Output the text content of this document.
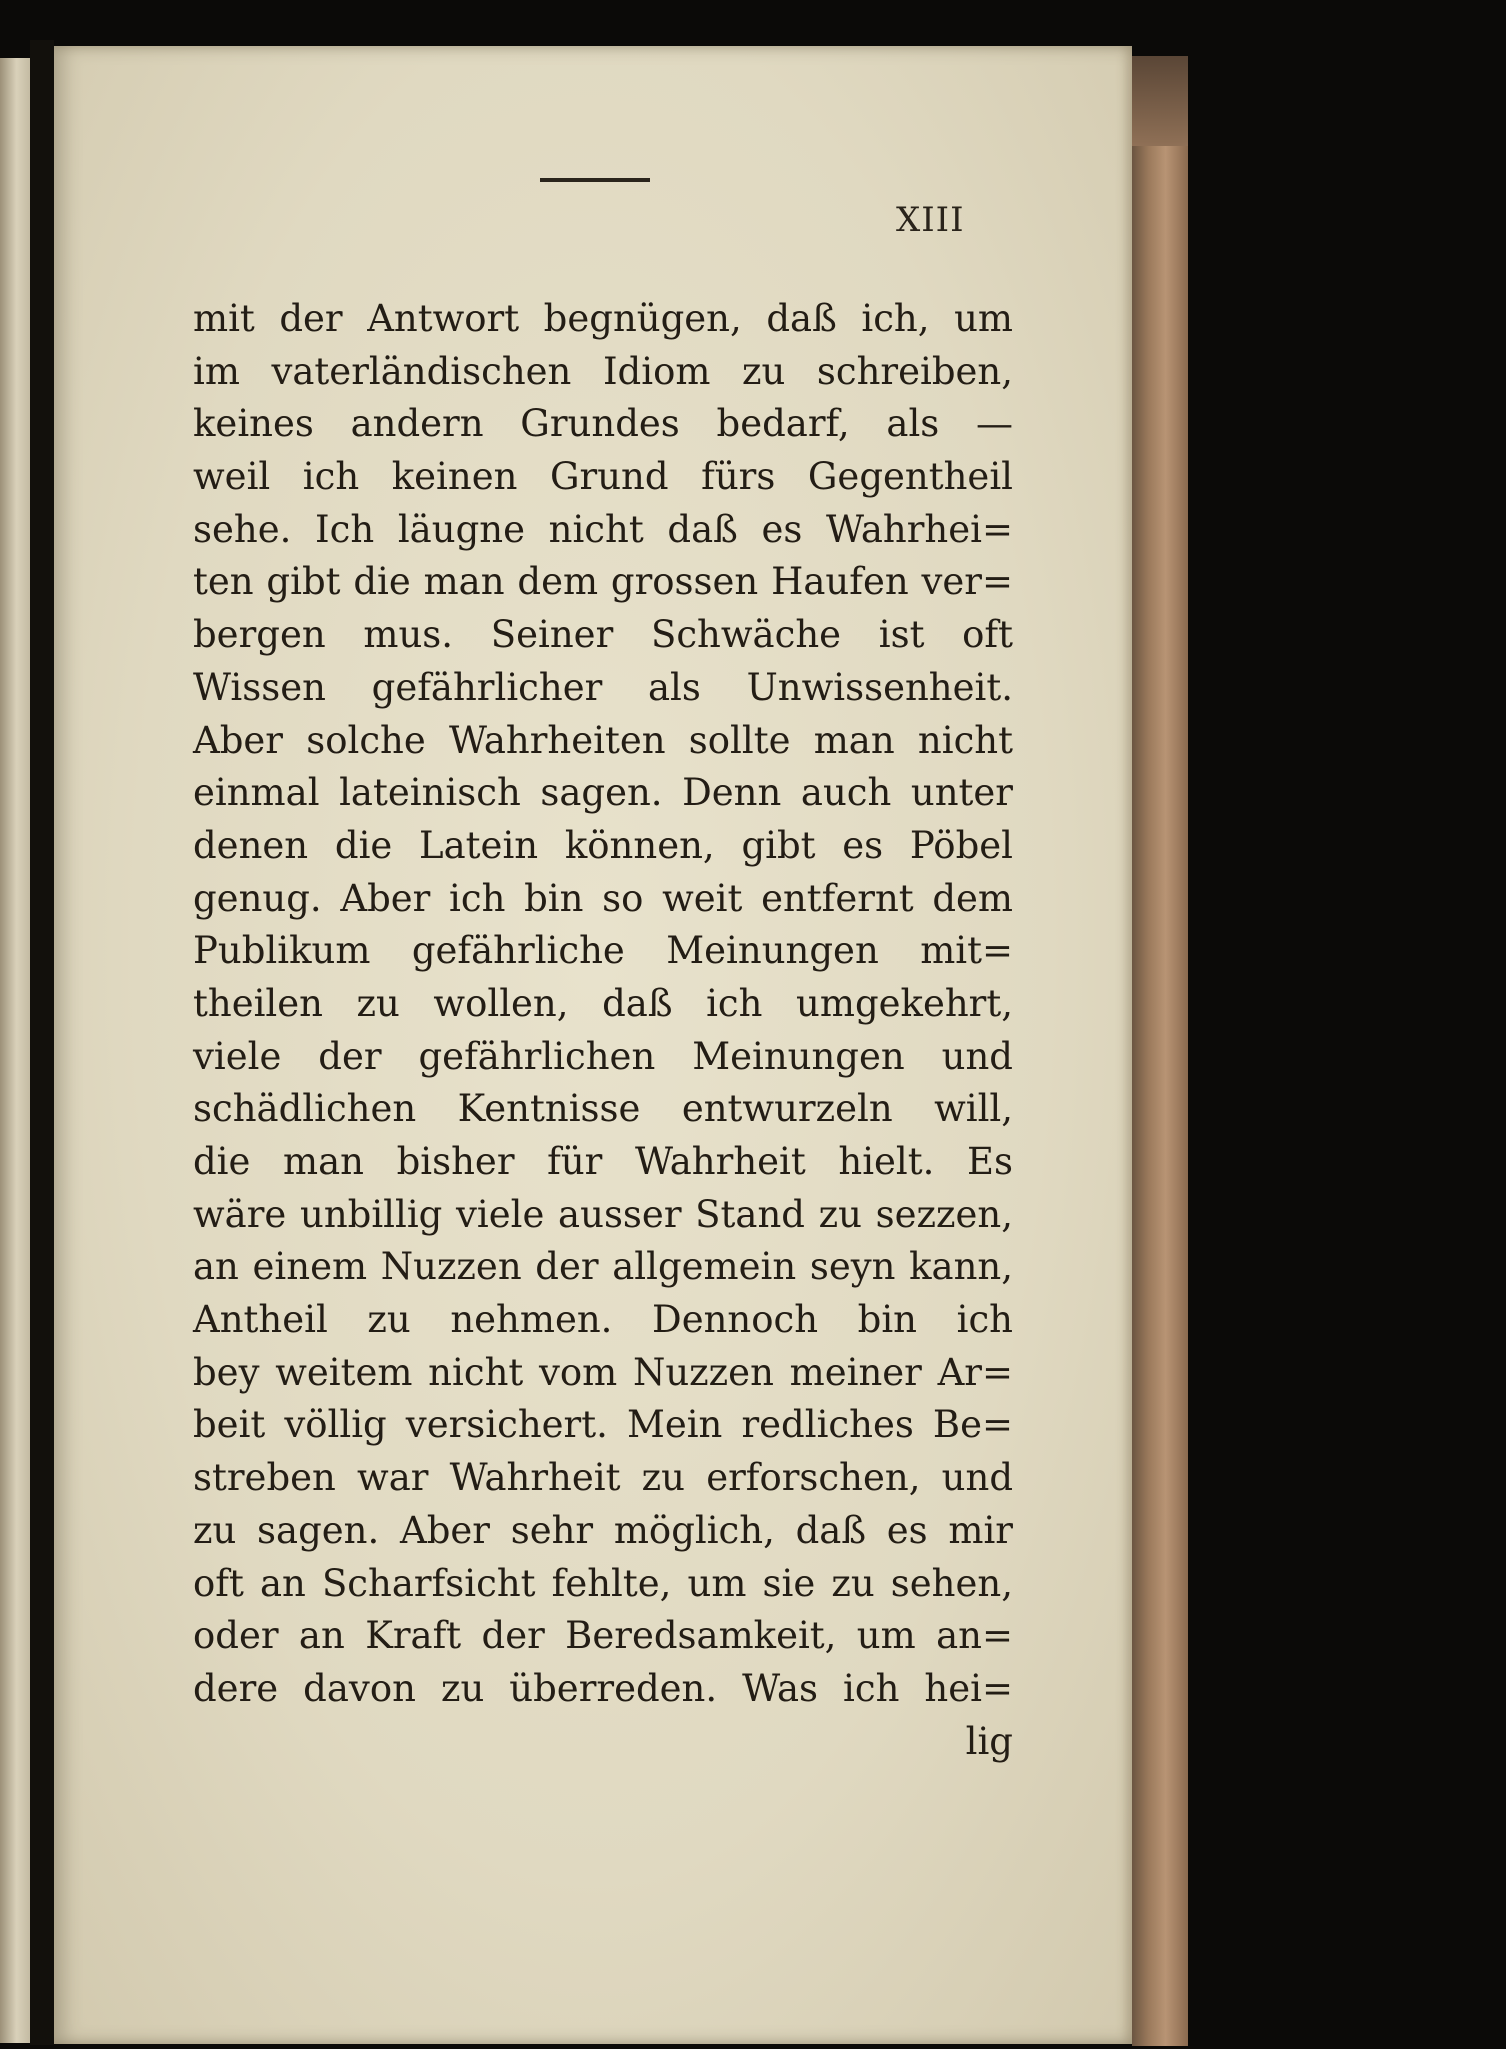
XIII
mit der Antwort begnügen, daß ich, um
im vaterländischen Idiom zu schreiben,
keines andern Grundes bedarf, als —
weil ich keinen Grund fürs Gegentheil
sehe. Ich läugne nicht daß es Wahrhei=
ten gibt die man dem grossen Haufen ver=
bergen mus. Seiner Schwäche ist oft
Wissen gefährlicher als Unwissenheit.
Aber solche Wahrheiten sollte man nicht
einmal lateinisch sagen. Denn auch unter
denen die Latein können, gibt es Pöbel
genug. Aber ich bin so weit entfernt dem
Publikum gefährliche Meinungen mit=
theilen zu wollen, daß ich umgekehrt,
viele der gefährlichen Meinungen und
schädlichen Kentnisse entwurzeln will,
die man bisher für Wahrheit hielt. Es
wäre unbillig viele ausser Stand zu sezzen,
an einem Nuzzen der allgemein seyn kann,
Antheil zu nehmen. Dennoch bin ich
bey weitem nicht vom Nuzzen meiner Ar=
beit völlig versichert. Mein redliches Be=
streben war Wahrheit zu erforschen, und
zu sagen. Aber sehr möglich, daß es mir
oft an Scharfsicht fehlte, um sie zu sehen,
oder an Kraft der Beredsamkeit, um an=
dere davon zu überreden. Was ich hei=
lig
